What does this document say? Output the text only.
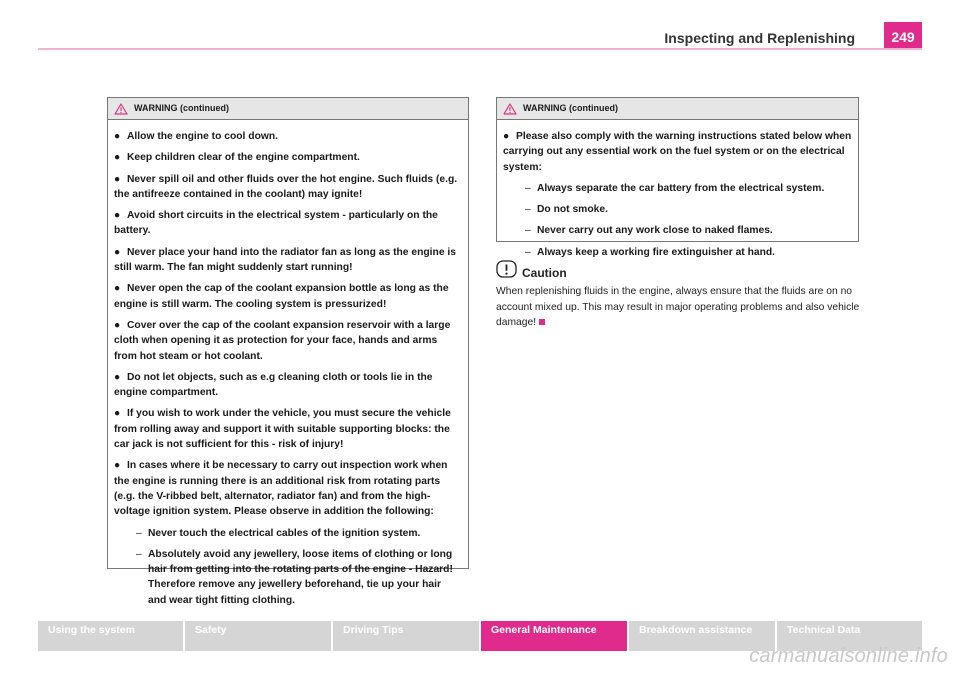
Inspecting and Replenishing	249
WARNING (continued)

● Allow the engine to cool down.

● Keep children clear of the engine compartment.

● Never spill oil and other fluids over the hot engine. Such fluids (e.g. the antifreeze contained in the coolant) may ignite!

● Avoid short circuits in the electrical system - particularly on the battery.

● Never place your hand into the radiator fan as long as the engine is still warm. The fan might suddenly start running!

● Never open the cap of the coolant expansion bottle as long as the engine is still warm. The cooling system is pressurized!

● Cover over the cap of the coolant expansion reservoir with a large cloth when opening it as protection for your face, hands and arms from hot steam or hot coolant.

● Do not let objects, such as e.g cleaning cloth or tools lie in the engine compartment.

● If you wish to work under the vehicle, you must secure the vehicle from rolling away and support it with suitable supporting blocks: the car jack is not sufficient for this - risk of injury!

● In cases where it be necessary to carry out inspection work when the engine is running there is an additional risk from rotating parts (e.g. the V-ribbed belt, alternator, radiator fan) and from the high-voltage ignition system. Please observe in addition the following:

– Never touch the electrical cables of the ignition system.

– Absolutely avoid any jewellery, loose items of clothing or long hair from getting into the rotating parts of the engine - Hazard! Therefore remove any jewellery beforehand, tie up your hair and wear tight fitting clothing.

WARNING (continued)

● Please also comply with the warning instructions stated below when carrying out any essential work on the fuel system or on the electrical system:

– Always separate the car battery from the electrical system.

– Do not smoke.

– Never carry out any work close to naked flames.

– Always keep a working fire extinguisher at hand.

Caution
When replenishing fluids in the engine, always ensure that the fluids are on no account mixed up. This may result in major operating problems and also vehicle damage!
Using the system	Safety	Driving Tips	General Maintenance	Breakdown assistance	Technical Data
carmanualsonline.info
